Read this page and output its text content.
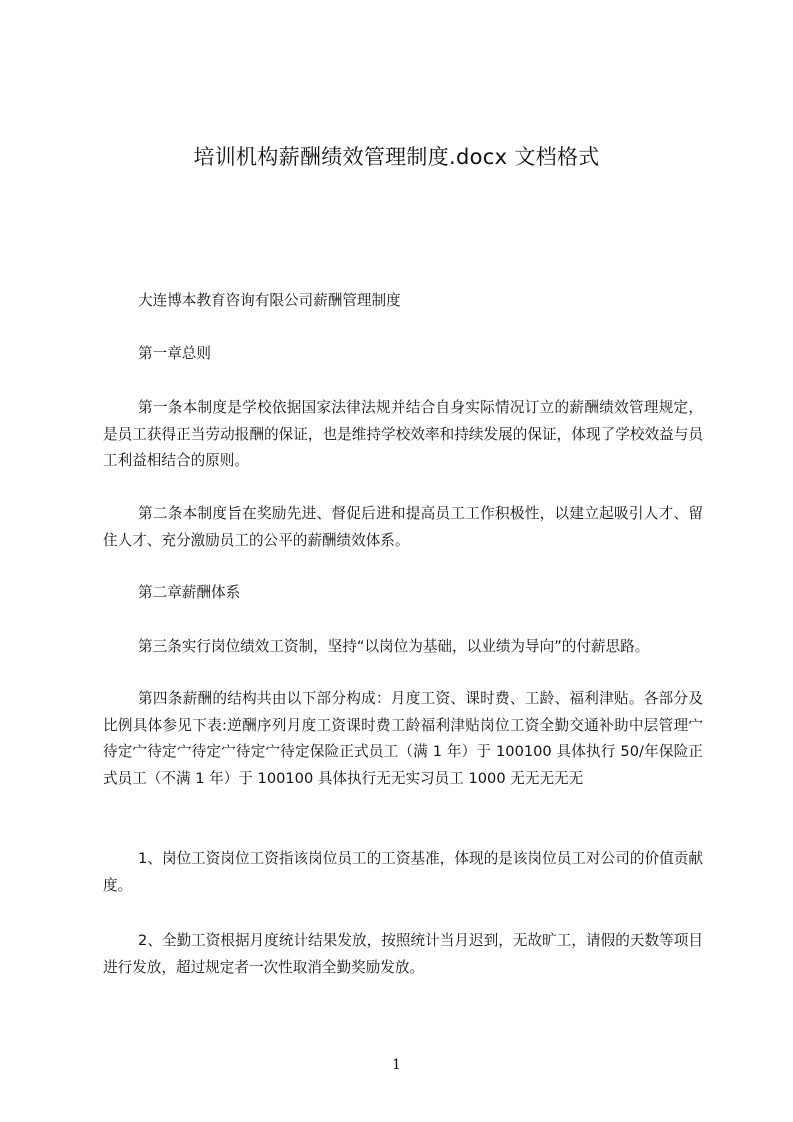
培训机构薪酬绩效管理制度.docx 文档格式

大连博本教育咨询有限公司薪酬管理制度

第一章总则

第一条本制度是学校依据国家法律法规并结合自身实际情况订立的薪酬绩效管理规定，是员工获得正当劳动报酬的保证，也是维持学校效率和持续发展的保证，体现了学校效益与员工利益相结合的原则。

第二条本制度旨在奖励先进、督促后进和提高员工工作积极性，以建立起吸引人才、留住人才、充分激励员工的公平的薪酬绩效体系。

第二章薪酬体系

第三条实行岗位绩效工资制，坚持“以岗位为基础，以业绩为导向”的付薪思路。

第四条薪酬的结构共由以下部分构成：月度工资、课时费、工龄、福利津贴。各部分及比例具体参见下表:逆酬序列月度工资课时费工龄福利津贴岗位工资全勤交通补助中层管理宀待定宀待定宀待定宀待定宀待定保险正式员工（满 1 年）于 100100 具体执行 50/年保险正式员工（不满 1 年）于 100100 具体执行无无实习员工 1000 无无无无无

1、岗位工资岗位工资指该岗位员工的工资基准，体现的是该岗位员工对公司的价值贡献度。

2、全勤工资根据月度统计结果发放，按照统计当月迟到，无故旷工，请假的天数等项目进行发放，超过规定者一次性取消全勤奖励发放。

1
